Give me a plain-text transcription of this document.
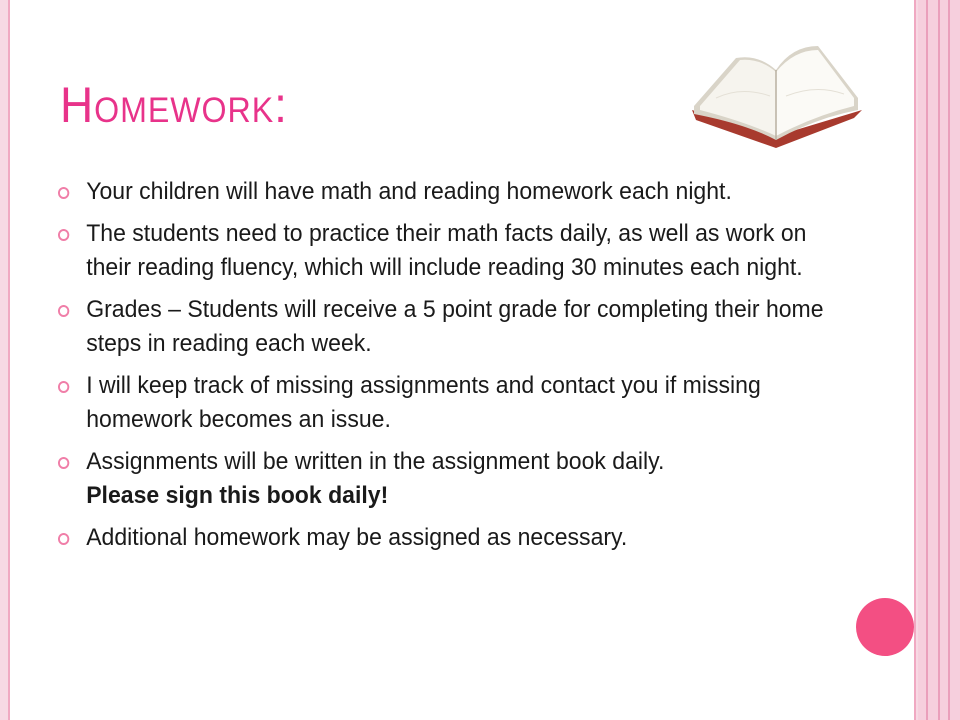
Homework:
Your children will have math and reading homework each night.
The students need to practice their math facts daily, as well as work on their reading fluency, which will include reading 30 minutes each night.
Grades – Students will receive a 5 point grade for completing their home steps in reading each week.
I will keep track of missing assignments and contact you if missing homework becomes an issue.
Assignments will be written in the assignment book daily.
Please sign this book daily!
Additional homework may be assigned as necessary.
